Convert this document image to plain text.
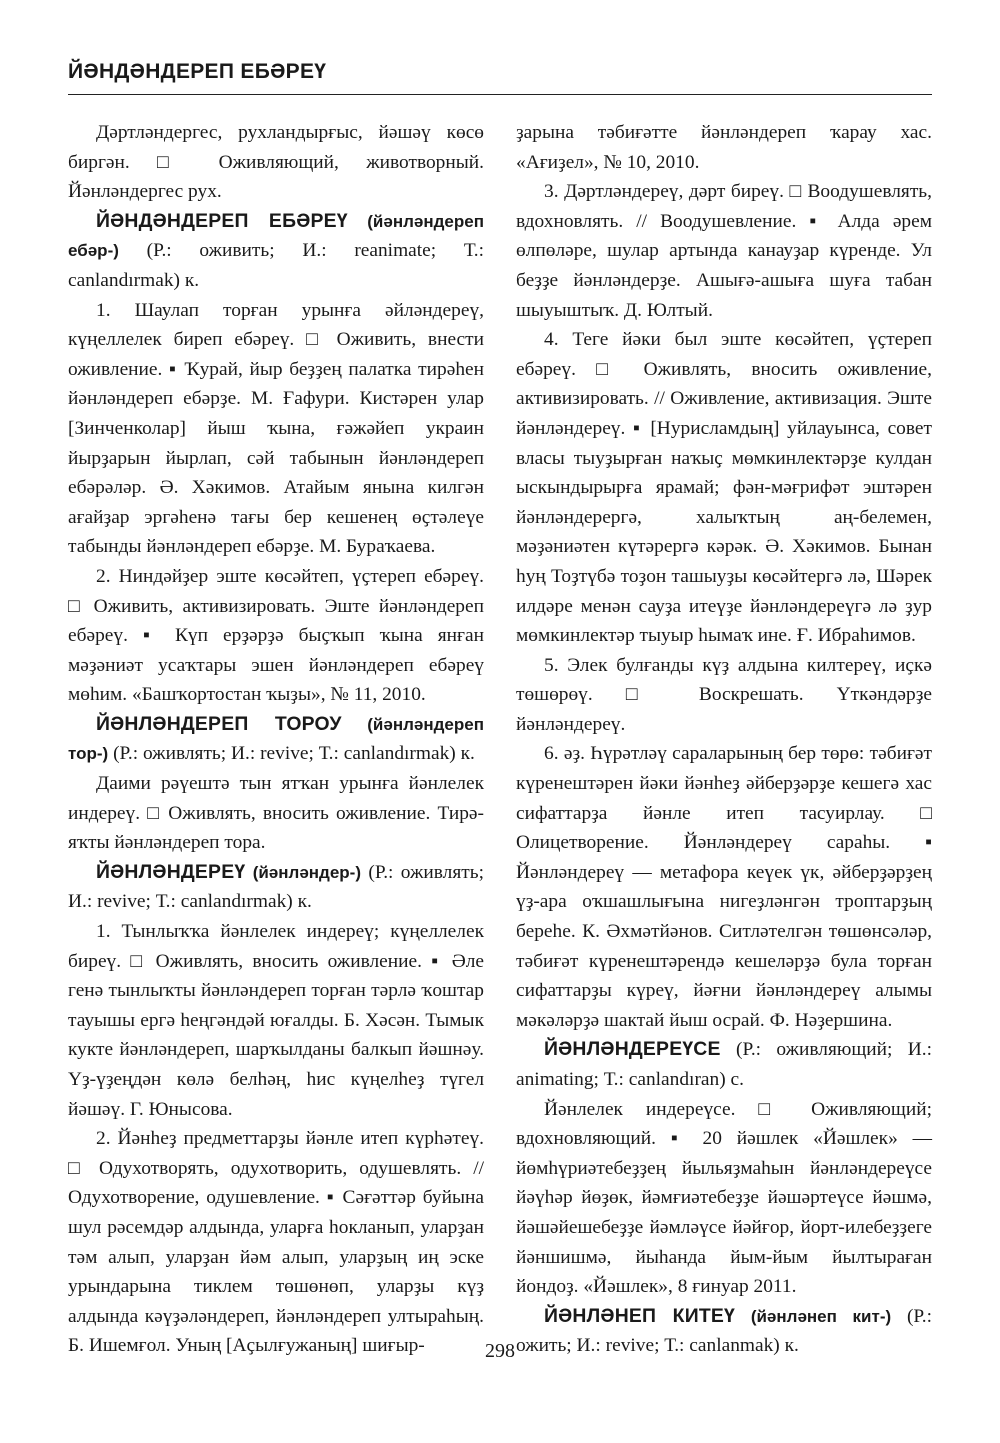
ЙӘНДӘНДЕРЕП ЕБӘРЕҮ

Дәртләндергес, рухландырғыс, йәшәү көсө биргән. □ Оживляющий, животворный. Йәнләндергес рух.

ЙӘНДӘНДЕРЕП ЕБӘРЕҮ (йәнләндереп ебәр-) (Р.: оживить; И.: reanimate; Т.: canlandırmak) к.

1. Шаулап торған урынға әйләндереү, күңеллелек биреп ебәреү. □ Оживить, внести оживление. ▪ Ҡурай, йыр беҙҙең палатка тирәһен йәнләндереп ебәрҙе. М. Ғафури. Кистәрен улар [Зинченколар] йыш ҡына, ғәжәйеп украин йырҙарын йырлап, сәй табынын йәнләндереп ебәрәләр. Ә. Хәкимов. Атайым янына килгән ағайҙар эргәһенә тағы бер кешенең өҫтәлеүе табынды йәнләндереп ебәрҙе. М. Бураҡаева.

2. Ниндәйҙер эште көсәйтеп, үҫтереп ебәреү. □ Оживить, активизировать. Эште йәнләндереп ебәреү. ▪ Күп ерҙәрҙә быҫҡып ҡына янған мәҙәниәт усаҡтары эшен йәнләндереп ебәреү мөһим. «Башҡортостан ҡыҙы», № 11, 2010.

ЙӘНЛӘНДЕРЕП ТОРОУ (йәнләндереп тор-) (Р.: оживлять; И.: revive; Т.: canlandırmak) к.

Даими рәүештә тын ятҡан урынға йәнлелек индереү. □ Оживлять, вносить оживление. Тирә-яҡты йәнләндереп тора.

ЙӘНЛӘНДЕРЕҮ (йәнләндер-) (Р.: оживлять; И.: revive; Т.: canlandırmak) к.

1. Тынлыҡҡа йәнлелек индереү; күңеллелек биреү. □ Оживлять, вносить оживление. ▪ Әле генә тынлыҡты йәнләндереп торған тәрлә ҡоштар тауышы ергә һеңгәндәй юғалды. Б. Хәсән. Тымык кукте йәнләндереп, шарҡылданы балкып йәшнәу. Үҙ-үҙеңдән көлә белһәң, һис күңелһеҙ түгел йәшәү. Г. Юнысова.

2. Йәнһеҙ предметтарҙы йәнле итеп күрһәтеү. □ Одухотворять, одухотворить, одушевлять. // Одухотворение, одушевление. ▪ Сәғәттәр буйына шул рәсемдәр алдында, уларға һокланып, уларҙан тәм алып, уларҙан йәм алып, уларҙың иң эске урындарына тиклем төшөнөп, уларҙы күҙ алдында кәүҙәләндереп, йәнләндереп ултыраһың. Б. Ишемғол. Уның [Аҫылғужаның] шиғыр-

ҙарына тәбиғәтте йәнләндереп ҡарау хас. «Ағиҙел», № 10, 2010.

3. Дәртләндереү, дәрт биреү. □ Воодушевлять, вдохновлять. // Воодушевление. ▪ Алда әрем өлпөләре, шулар артында канауҙар күренде. Ул беҙҙе йәнләндерҙе. Ашығә-ашыға шуға табан шыуыштыҡ. Д. Юлтый.

4. Теге йәки был эште көсәйтеп, үҫтереп ебәреү. □ Оживлять, вносить оживление, активизировать. // Оживление, активизация. Эште йәнләндереү. ▪ [Нурисламдың] уйлауынса, совет власы тыуҙырған наҡыҫ мөмкинлектәрҙе кулдан ыскындырырға ярамай; фән-мәғрифәт эштәрен йәнләндерергә, халыҡтың аң-белемен, мәҙәниәтен күтәрергә кәрәк. Ә. Хәкимов. Бынан һуң Тоҙтүбә тоҙон ташыуҙы көсәйтергә лә, Шәрек илдәре менән сауҙа итеүҙе йәнләндереүгә лә ҙур мөмкинлектәр тыуыр һымаҡ ине. Ғ. Ибраһимов.

5. Элек булғанды күҙ алдына килтереү, иҫкә төшөрөү. □ Воскрешать. Үткәндәрҙе йәнләндереү.

6. әҙ. Һүрәтләү сараларының бер төрө: тәбиғәт күренештәрен йәки йәнһеҙ әйберҙәрҙе кешегә хас сифаттарҙа йәнле итеп тасуирлау. □ Олицетворение. Йәнләндереү сараһы. ▪ Йәнләндереү — метафора кеүек үк, әйберҙәрҙең үҙ-ара оҡшашлығына нигеҙләнгән троптарҙың береһе. К. Әхмәтйәнов. Ситләтелгән төшөнсәләр, тәбиғәт күренештәрендә кешеләрҙә була торған сифаттарҙы күреү, йәғни йәнләндереү алымы мәкәләрҙә шактай йыш осрай. Ф. Нәҙершина.

ЙӘНЛӘНДЕРЕҮСЕ (Р.: оживляющий; И.: animating; Т.: canlandıran) с.

Йәнлелек индереүсе. □ Оживляющий; вдохновляющий. ▪ 20 йәшлек «Йәшлек» — йөмһүриәтебеҙҙең йыльяҙмаһын йәнләндереүсе йәүһәр йөҙөк, йәмғиәтебеҙҙе йәшәртеүсе йәшмә, йәшәйешебеҙҙе йәмләүсе йәйғор, йорт-илебеҙҙеге йәншишмә, йыһанда йым-йым йылтыраған йондоҙ. «Йәшлек», 8 ғинуар 2011.

ЙӘНЛӘНЕП КИТЕҮ (йәнләнеп кит-) (Р.: ожить; И.: revive; Т.: canlanmak) к.

298
